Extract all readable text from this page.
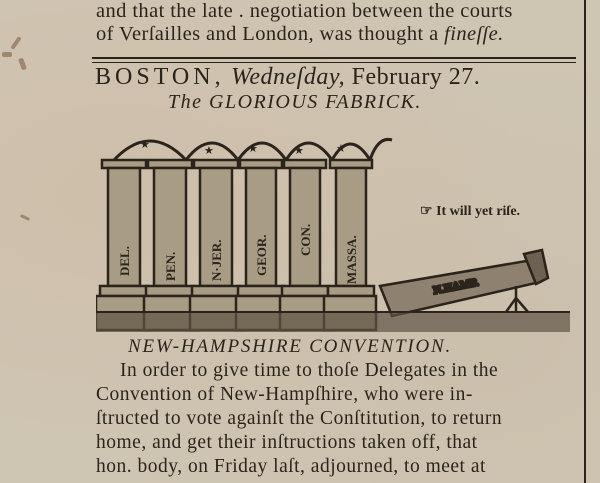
and that the late . negotiation between the courts
of Verſailles and London, was thought a fineſſe.
BOSTON, Wedneſday, February 27.
The GLORIOUS FABRICK.
★	★	★	★	★
DEL. PEN. N·JER. GEOR. CON. MASSA.
N.HAMP.
☞ It will yet riſe.
NEW-HAMPSHIRE CONVENTION.
In order to give time to thoſe Delegates in the
Convention of New-Hampſhire, who were in-
ſtructed to vote againſt the Conſtitution, to return
home, and get their inſtructions taken off, that
hon. body, on Friday laſt, adjourned, to meet at
